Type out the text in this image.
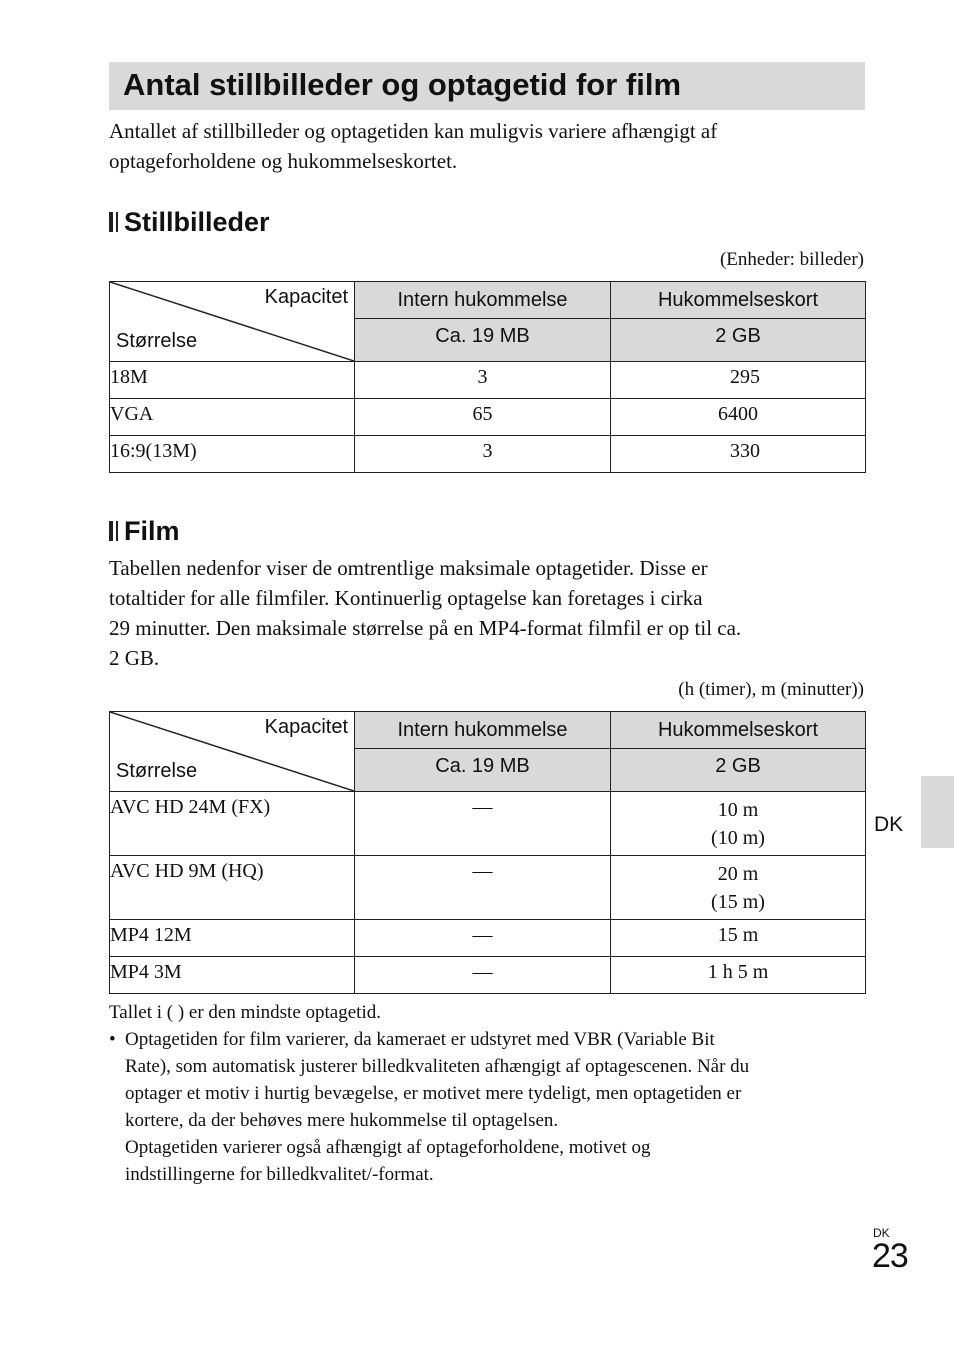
Antal stillbilleder og optagetid for film

Antallet af stillbilleder og optagetiden kan muligvis variere afhængigt af optageforholdene og hukommelseskortet.

Stillbilleder
(Enheder: billeder)
Kapacitet
Størrelse	Intern hukommelse	Hukommelseskort
	Ca. 19 MB	2 GB
18M	3	295
VGA	65	6400
16:9(13M)	3	330
Film
Tabellen nedenfor viser de omtrentlige maksimale optagetider. Disse er
totaltider for alle filmfiler. Kontinuerlig optagelse kan foretages i cirka
29 minutter. Den maksimale størrelse på en MP4-format filmfil er op til ca.
2 GB.
(h (timer), m (minutter))
Kapacitet
Størrelse	Intern hukommelse	Hukommelseskort
	Ca. 19 MB	2 GB
AVC HD 24M (FX)	—	10 m
(10 m)

AVC HD 9M (HQ)	—	20 m
(15 m)

MP4 12M	—	15 m
MP4 3M	—	1 h 5 m

Tallet i ( ) er den mindste optagetid.

• Optagetiden for film varierer, da kameraet er udstyret med VBR (Variable Bit
Rate), som automatisk justerer billedkvaliteten afhængigt af optagescenen. Når du
optager et motiv i hurtig bevægelse, er motivet mere tydeligt, men optagetiden er
kortere, da der behøves mere hukommelse til optagelsen.
Optagetiden varierer også afhængigt af optageforholdene, motivet og
indstillingerne for billedkvalitet/-format.
DK
DK
23
